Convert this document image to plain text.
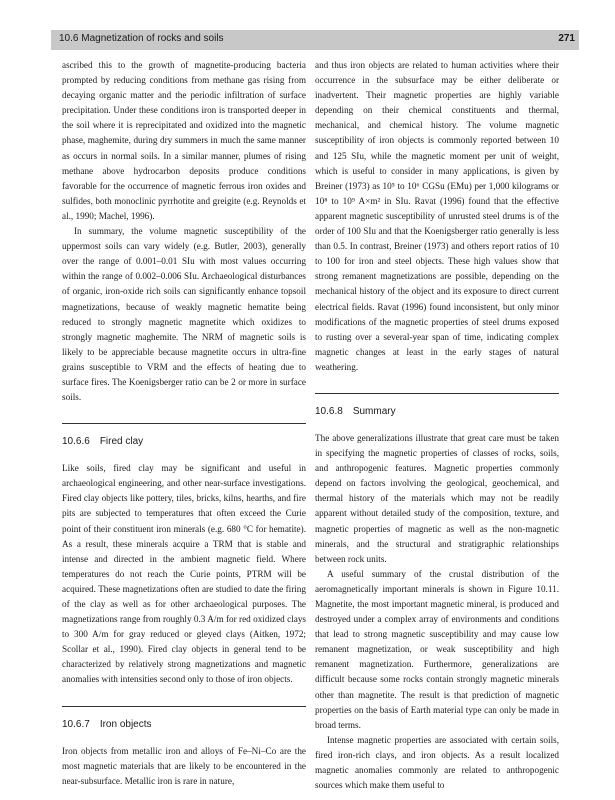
10.6 Magnetization of rocks and soils	271

ascribed this to the growth of magnetite-producing bacteria prompted by reducing conditions from methane gas rising from decaying organic matter and the periodic infiltration of surface precipitation. Under these conditions iron is transported deeper in the soil where it is reprecipitated and oxidized into the magnetic phase, maghemite, during dry summers in much the same manner as occurs in normal soils. In a similar manner, plumes of rising methane above hydrocarbon deposits produce conditions favorable for the occurrence of magnetic ferrous iron oxides and sulfides, both monoclinic pyrrhotite and greigite (e.g. Reynolds et al., 1990; Machel, 1996).

In summary, the volume magnetic susceptibility of the uppermost soils can vary widely (e.g. Butler, 2003), generally over the range of 0.001–0.01 SIu with most values occurring within the range of 0.002–0.006 SIu. Archaeological disturbances of organic, iron-oxide rich soils can significantly enhance topsoil magnetizations, because of weakly magnetic hematite being reduced to strongly magnetic magnetite which oxidizes to strongly magnetic maghemite. The NRM of magnetic soils is likely to be appreciable because magnetite occurs in ultra-fine grains susceptible to VRM and the effects of heating due to surface fires. The Koenigsberger ratio can be 2 or more in surface soils.

10.6.6 Fired clay

Like soils, fired clay may be significant and useful in archaeological engineering, and other near-surface investigations. Fired clay objects like pottery, tiles, bricks, kilns, hearths, and fire pits are subjected to temperatures that often exceed the Curie point of their constituent iron minerals (e.g. 680 °C for hematite). As a result, these minerals acquire a TRM that is stable and intense and directed in the ambient magnetic field. Where temperatures do not reach the Curie points, PTRM will be acquired. These magnetizations often are studied to date the firing of the clay as well as for other archaeological purposes. The magnetizations range from roughly 0.3 A/m for red oxidized clays to 300 A/m for gray reduced or gleyed clays (Aitken, 1972; Scollar et al., 1990). Fired clay objects in general tend to be characterized by relatively strong magnetizations and magnetic anomalies with intensities second only to those of iron objects.

10.6.7 Iron objects

Iron objects from metallic iron and alloys of Fe–Ni–Co are the most magnetic materials that are likely to be encountered in the near-subsurface. Metallic iron is rare in nature,

and thus iron objects are related to human activities where their occurrence in the subsurface may be either deliberate or inadvertent. Their magnetic properties are highly variable depending on their chemical constituents and thermal, mechanical, and chemical history. The volume magnetic susceptibility of iron objects is commonly reported between 10 and 125 SIu, while the magnetic moment per unit of weight, which is useful to consider in many applications, is given by Breiner (1973) as 10⁵ to 10⁶ CGSu (EMu) per 1,000 kilograms or 10⁸ to 10⁹ A×m² in SIu. Ravat (1996) found that the effective apparent magnetic susceptibility of unrusted steel drums is of the order of 100 SIu and that the Koenigsberger ratio generally is less than 0.5. In contrast, Breiner (1973) and others report ratios of 10 to 100 for iron and steel objects. These high values show that strong remanent magnetizations are possible, depending on the mechanical history of the object and its exposure to direct current electrical fields. Ravat (1996) found inconsistent, but only minor modifications of the magnetic properties of steel drums exposed to rusting over a several-year span of time, indicating complex magnetic changes at least in the early stages of natural weathering.

10.6.8 Summary

The above generalizations illustrate that great care must be taken in specifying the magnetic properties of classes of rocks, soils, and anthropogenic features. Magnetic properties commonly depend on factors involving the geological, geochemical, and thermal history of the materials which may not be readily apparent without detailed study of the composition, texture, and magnetic properties of magnetic as well as the non-magnetic minerals, and the structural and stratigraphic relationships between rock units.

A useful summary of the crustal distribution of the aeromagnetically important minerals is shown in Figure 10.11. Magnetite, the most important magnetic mineral, is produced and destroyed under a complex array of environments and conditions that lead to strong magnetic susceptibility and may cause low remanent magnetization, or weak susceptibility and high remanent magnetization. Furthermore, generalizations are difficult because some rocks contain strongly magnetic minerals other than magnetite. The result is that prediction of magnetic properties on the basis of Earth material type can only be made in broad terms.

Intense magnetic properties are associated with certain soils, fired iron-rich clays, and iron objects. As a result localized magnetic anomalies commonly are related to anthropogenic sources which make them useful to
